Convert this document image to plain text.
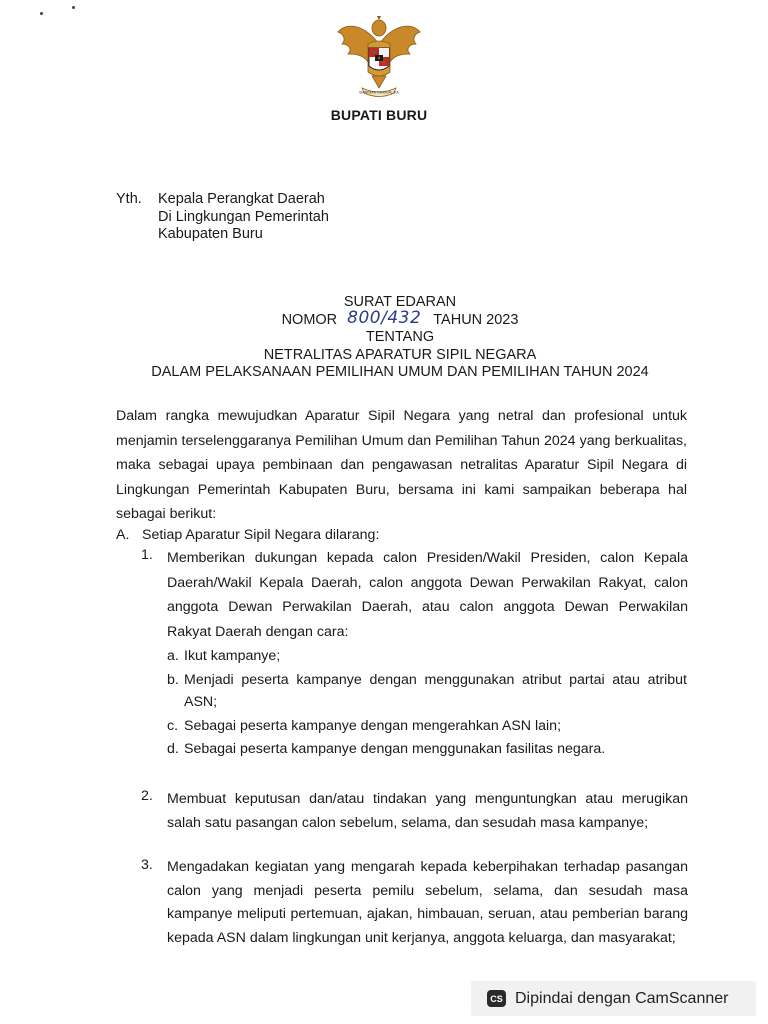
BHINNEKA TUNGGAL IKA
BUPATI BURU
Yth.	Kepala Perangkat Daerah
Di Lingkungan Pemerintah
Kabupaten Buru
SURAT EDARAN
NOMOR 800/432 TAHUN 2023
TENTANG
NETRALITAS APARATUR SIPIL NEGARA
DALAM PELAKSANAAN PEMILIHAN UMUM DAN PEMILIHAN TAHUN 2024
Dalam rangka mewujudkan Aparatur Sipil Negara yang netral dan profesional untuk menjamin terselenggaranya Pemilihan Umum dan Pemilihan Tahun 2024 yang berkualitas, maka sebagai upaya pembinaan dan pengawasan netralitas Aparatur Sipil Negara di Lingkungan Pemerintah Kabupaten Buru, bersama ini kami sampaikan beberapa hal sebagai berikut:
A. Setiap Aparatur Sipil Negara dilarang:
1. Memberikan dukungan kepada calon Presiden/Wakil Presiden, calon Kepala Daerah/Wakil Kepala Daerah, calon anggota Dewan Perwakilan Rakyat, calon anggota Dewan Perwakilan Daerah, atau calon anggota Dewan Perwakilan Rakyat Daerah dengan cara:
a. Ikut kampanye;
b. Menjadi peserta kampanye dengan menggunakan atribut partai atau atribut ASN;
c. Sebagai peserta kampanye dengan mengerahkan ASN lain;
d. Sebagai peserta kampanye dengan menggunakan fasilitas negara.
2. Membuat keputusan dan/atau tindakan yang menguntungkan atau merugikan salah satu pasangan calon sebelum, selama, dan sesudah masa kampanye;
3. Mengadakan kegiatan yang mengarah kepada keberpihakan terhadap pasangan calon yang menjadi peserta pemilu sebelum, selama, dan sesudah masa kampanye meliputi pertemuan, ajakan, himbauan, seruan, atau pemberian barang kepada ASN dalam lingkungan unit kerjanya, anggota keluarga, dan masyarakat;
CS Dipindai dengan CamScanner
